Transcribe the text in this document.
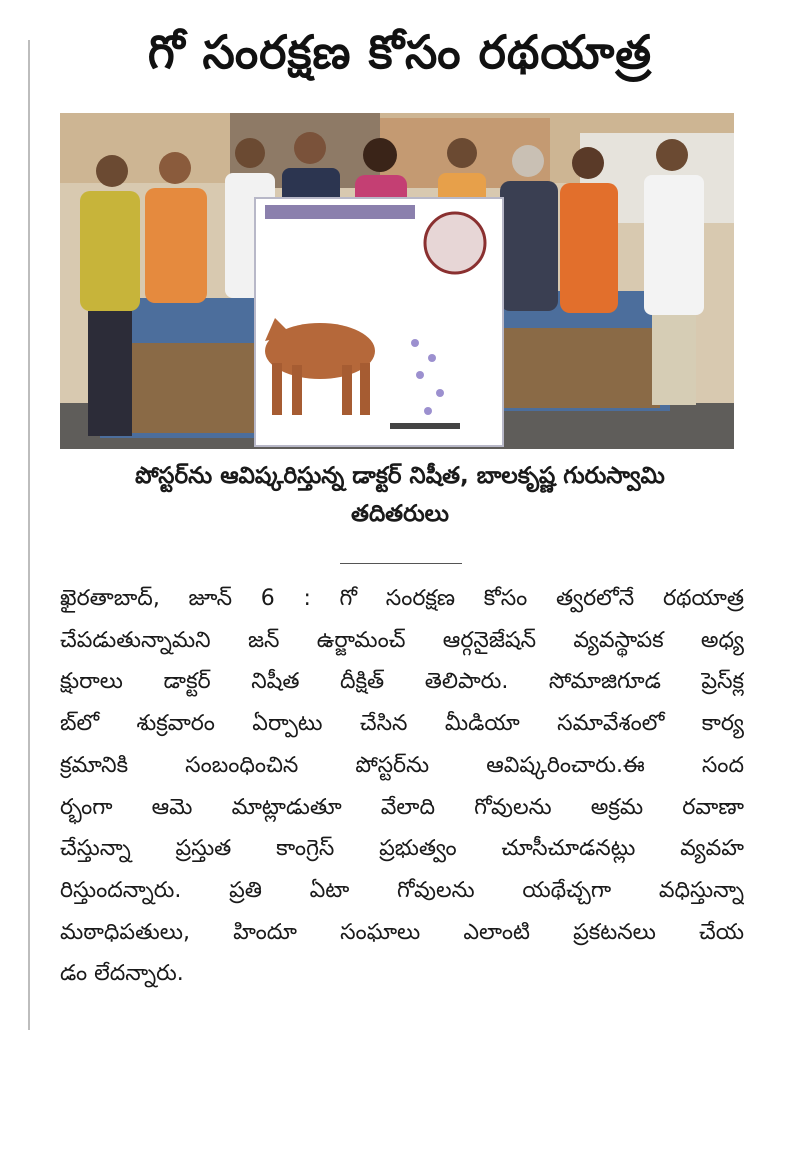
గో సంరక్షణ కోసం రథయాత్ర
పోస్టర్‌ను ఆవిష్కరిస్తున్న డాక్టర్ నిషీత, బాలకృష్ణ గురుస్వామి
తదితరులు
ఖైరతాబాద్, జూన్ 6 : గో సంరక్షణ కోసం త్వరలోనే రథయాత్ర
చేపడుతున్నామని జన్ ఉర్జామంచ్ ఆర్గనైజేషన్ వ్యవస్థాపక అధ్య
క్షురాలు డాక్టర్ నిషీత దీక్షిత్ తెలిపారు. సోమాజిగూడ ప్రెస్‌క్ల
బ్‌లో శుక్రవారం ఏర్పాటు చేసిన మీడియా సమావేశంలో కార్య
క్రమానికి సంబంధించిన పోస్టర్‌ను ఆవిష్కరించారు.ఈ సంద
ర్భంగా ఆమె మాట్లాడుతూ వేలాది గోవులను అక్రమ రవాణా
చేస్తున్నా ప్రస్తుత కాంగ్రెస్ ప్రభుత్వం చూసీచూడనట్లు వ్యవహ
రిస్తుందన్నారు. ప్రతి ఏటా గోవులను యథేచ్చగా వధిస్తున్నా
మఠాధిపతులు, హిందూ సంఘాలు ఎలాంటి ప్రకటనలు చేయ
డం లేదన్నారు.
